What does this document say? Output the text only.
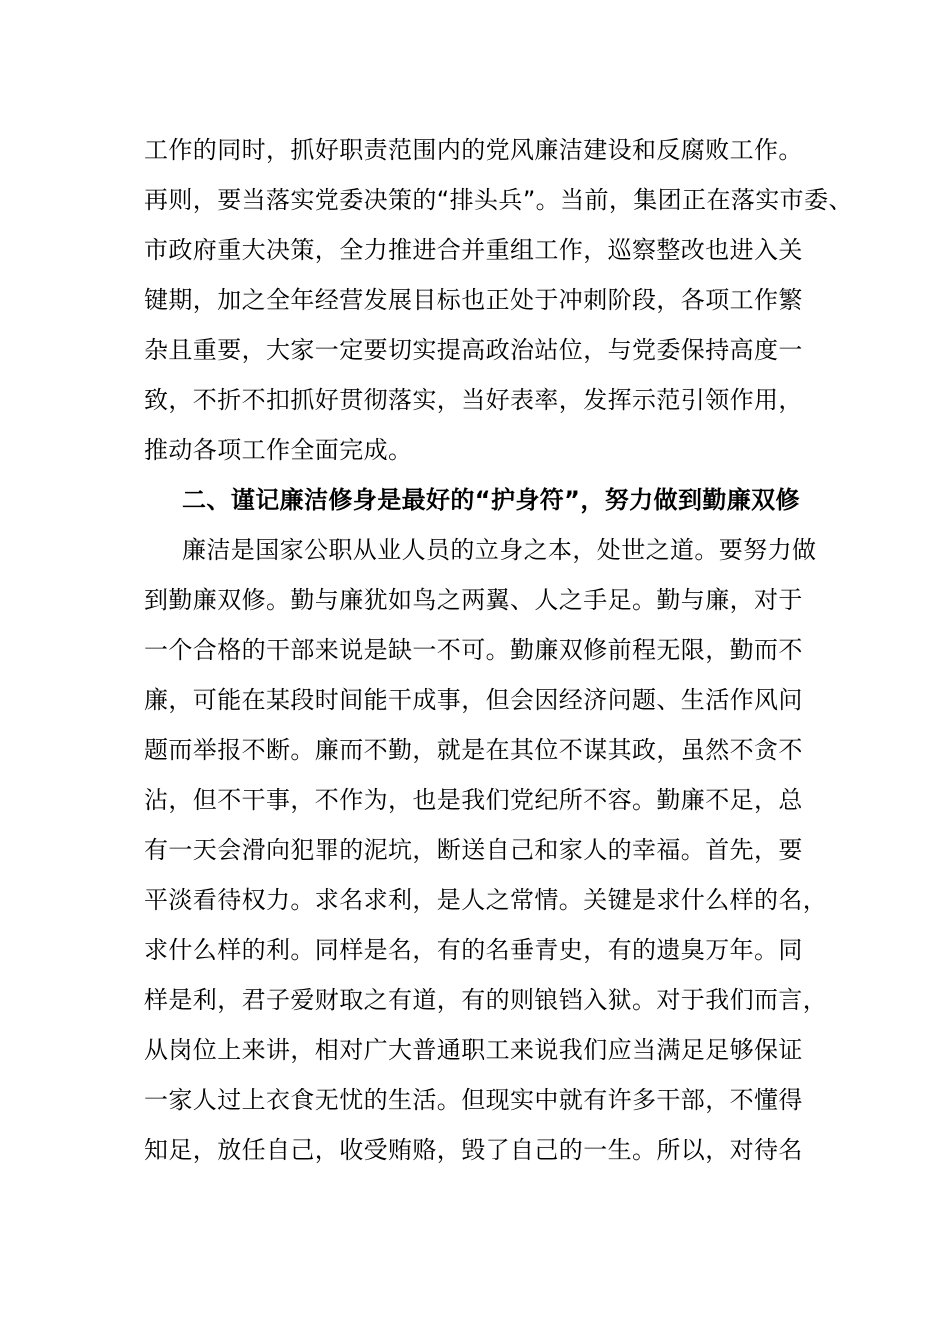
工作的同时，抓好职责范围内的党风廉洁建设和反腐败工作。
再则，要当落实党委决策的“排头兵”。当前，集团正在落实市委、
市政府重大决策，全力推进合并重组工作，巡察整改也进入关
键期，加之全年经营发展目标也正处于冲刺阶段，各项工作繁
杂且重要，大家一定要切实提高政治站位，与党委保持高度一
致，不折不扣抓好贯彻落实，当好表率，发挥示范引领作用，
推动各项工作全面完成。
二、谨记廉洁修身是最好的“护身符”，努力做到勤廉双修
廉洁是国家公职从业人员的立身之本，处世之道。要努力做
到勤廉双修。勤与廉犹如鸟之两翼、人之手足。勤与廉，对于
一个合格的干部来说是缺一不可。勤廉双修前程无限，勤而不
廉，可能在某段时间能干成事，但会因经济问题、生活作风问
题而举报不断。廉而不勤，就是在其位不谋其政，虽然不贪不
沾，但不干事，不作为，也是我们党纪所不容。勤廉不足，总
有一天会滑向犯罪的泥坑，断送自己和家人的幸福。首先，要
平淡看待权力。求名求利，是人之常情。关键是求什么样的名，
求什么样的利。同样是名，有的名垂青史，有的遗臭万年。同
样是利，君子爱财取之有道，有的则锒铛入狱。对于我们而言，
从岗位上来讲，相对广大普通职工来说我们应当满足足够保证
一家人过上衣食无忧的生活。但现实中就有许多干部，不懂得
知足，放任自己，收受贿赂，毁了自己的一生。所以，对待名
